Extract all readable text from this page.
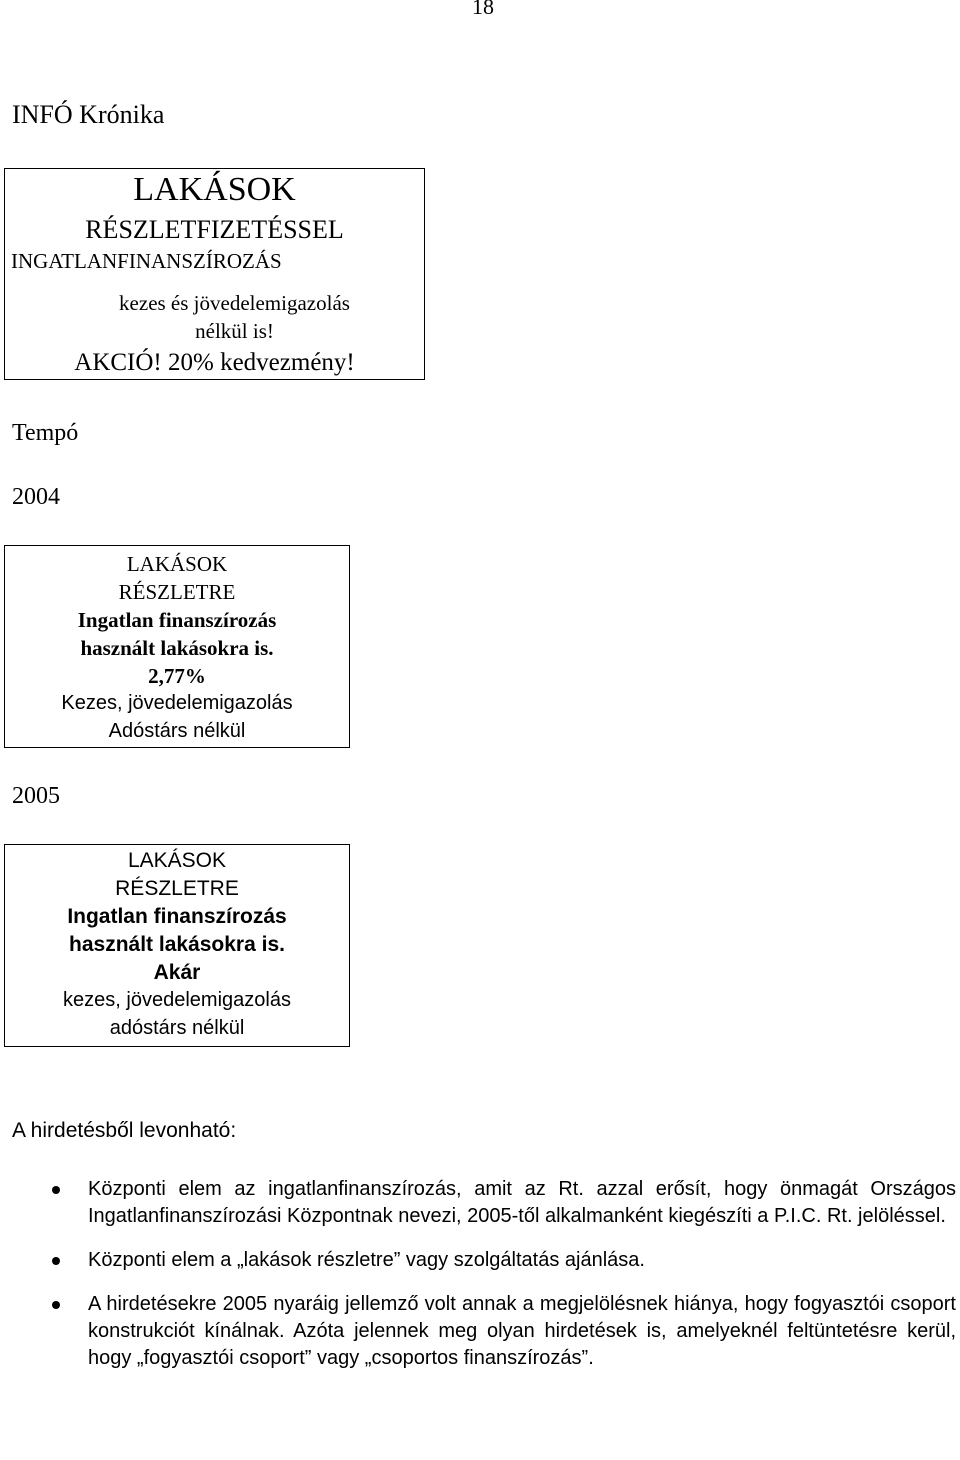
18
INFÓ Krónika
LAKÁSOK
RÉSZLETFIZETÉSSEL
INGATLANFINANSZÍROZÁS
kezes és jövedelemigazolás
nélkül is!
AKCIÓ! 20% kedvezmény!
Tempó
2004
LAKÁSOK
RÉSZLETRE
Ingatlan finanszírozás
használt lakásokra is.
2,77%
Kezes, jövedelemigazolás
Adóstárs nélkül
2005
LAKÁSOK
RÉSZLETRE
Ingatlan finanszírozás
használt lakásokra is.
Akár
kezes, jövedelemigazolás
adóstárs nélkül
A hirdetésből levonható:
Központi elem az ingatlanfinanszírozás, amit az Rt. azzal erősít, hogy önmagát Országos Ingatlanfinanszírozási Központnak nevezi, 2005-től alkalmanként kiegészíti a P.I.C. Rt. jelöléssel.
Központi elem a „lakások részletre” vagy szolgáltatás ajánlása.
A hirdetésekre 2005 nyaráig jellemző volt annak a megjelölésnek hiánya, hogy fogyasztói csoport konstrukciót kínálnak. Azóta jelennek meg olyan hirdetések is, amelyeknél feltüntetésre kerül, hogy „fogyasztói csoport” vagy „csoportos finanszírozás”.
